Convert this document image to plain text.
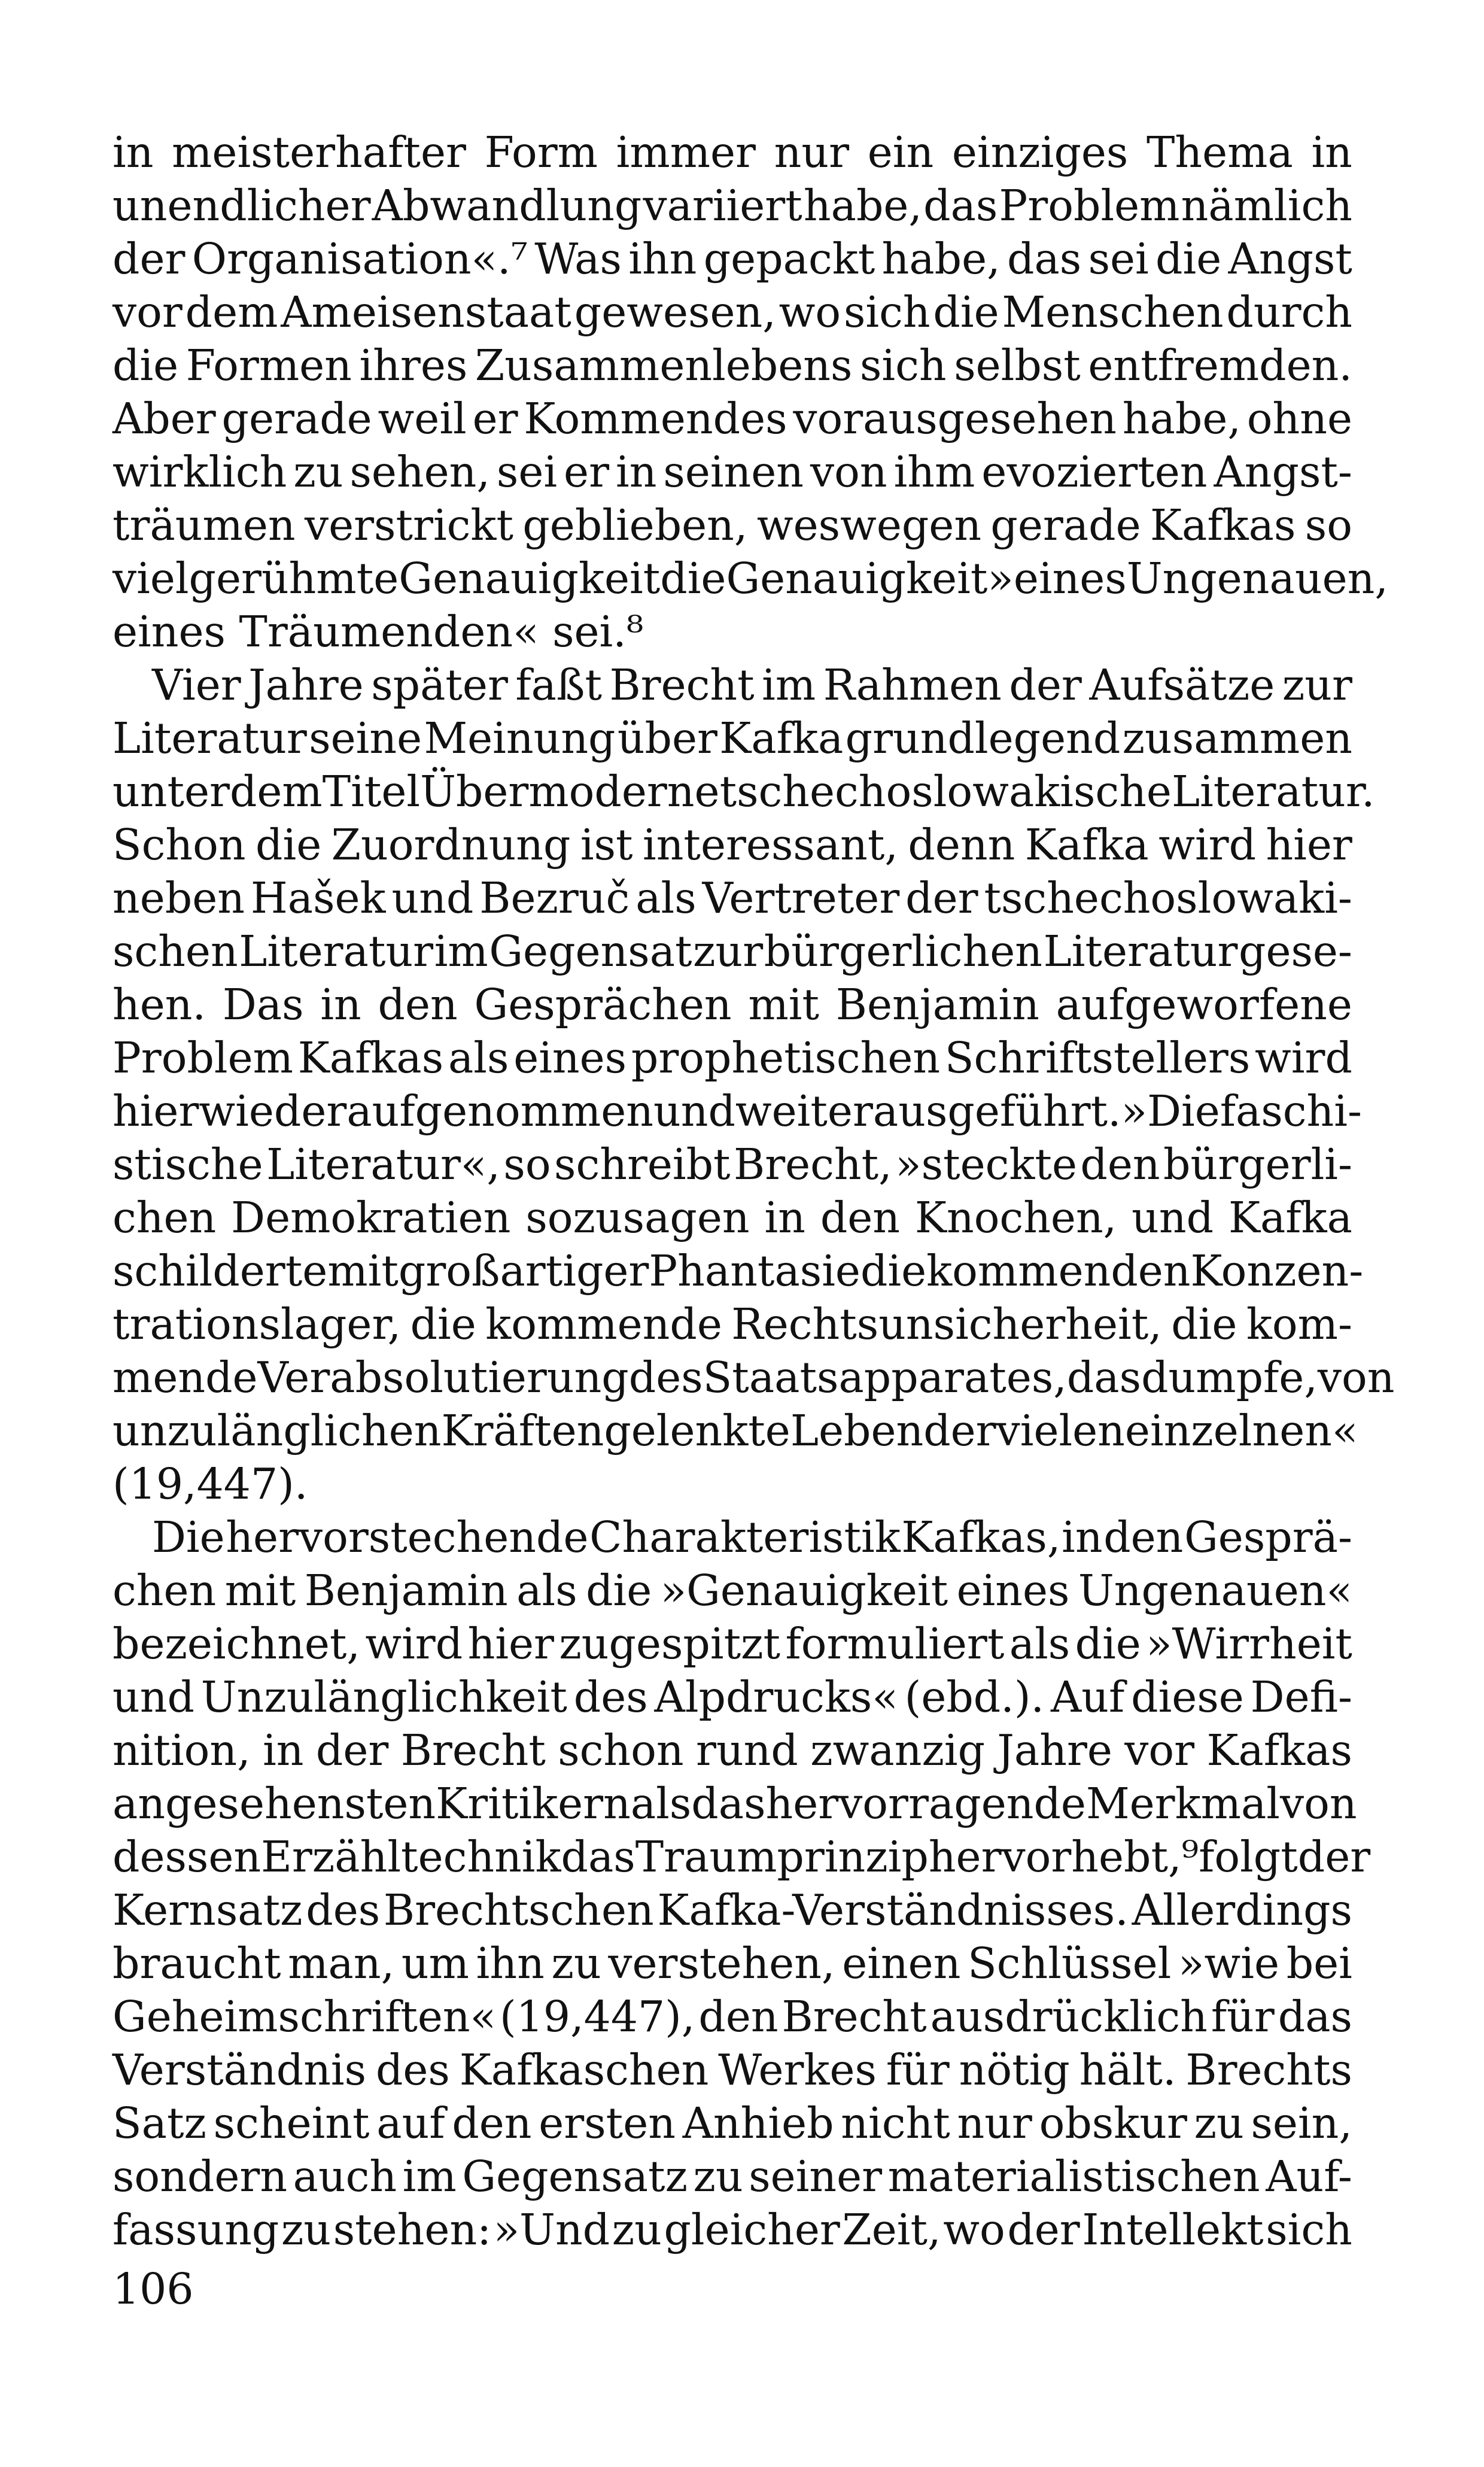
in meisterhafter Form immer nur ein einziges Thema in
unendlicher Abwandlung variiert habe, das Problem nämlich
der Organisation«.⁷ Was ihn gepackt habe, das sei die Angst
vor dem Ameisenstaat gewesen, wo sich die Menschen durch
die Formen ihres Zusammenlebens sich selbst entfremden.
Aber gerade weil er Kommendes vorausgesehen habe, ohne
wirklich zu sehen, sei er in seinen von ihm evozierten Angst-
träumen verstrickt geblieben, weswegen gerade Kafkas so
vielgerühmte Genauigkeit die Genauigkeit »eines Ungenauen,
eines Träumenden« sei.⁸
Vier Jahre später faßt Brecht im Rahmen der Aufsätze zur
Literatur seine Meinung über Kafka grundlegend zusammen
unter dem Titel Über moderne tschechoslowakische Literatur.
Schon die Zuordnung ist interessant, denn Kafka wird hier
neben Hašek und Bezruč als Vertreter der tschechoslowaki-
schen Literatur im Gegensat zur bürgerlichen Literatur gese-
hen. Das in den Gesprächen mit Benjamin aufgeworfene
Problem Kafkas als eines prophetischen Schriftstellers wird
hier wieder aufgenommen und weiter ausgeführt. »Die faschi-
stische Literatur«, so schreibt Brecht, »steckte den bürgerli-
chen Demokratien sozusagen in den Knochen, und Kafka
schilderte mit großartiger Phantasie die kommenden Konzen-
trationslager, die kommende Rechtsunsicherheit, die kom-
mende Verabsolutierung des Staatsapparates, das dumpfe, von
unzulänglichen Kräften gelenkte Leben der vielen einzelnen«
(19,447).
Die hervorstechende Charakteristik Kafkas, in den Gesprä-
chen mit Benjamin als die »Genauigkeit eines Ungenauen«
bezeichnet, wird hier zugespitzt formuliert als die »Wirrheit
und Unzulänglichkeit des Alpdrucks« (ebd.). Auf diese Defi-
nition, in der Brecht schon rund zwanzig Jahre vor Kafkas
angesehensten Kritikern als das hervorragende Merkmal von
dessen Erzähltechnik das Traumprinzip hervorhebt,⁹ folgt der
Kernsatz des Brechtschen Kafka-Verständnisses. Allerdings
braucht man, um ihn zu verstehen, einen Schlüssel »wie bei
Geheimschriften« (19,447), den Brecht ausdrücklich für das
Verständnis des Kafkaschen Werkes für nötig hält. Brechts
Satz scheint auf den ersten Anhieb nicht nur obskur zu sein,
sondern auch im Gegensatz zu seiner materialistischen Auf-
fassung zu stehen: »Und zu gleicher Zeit, wo der Intellekt sich
106
